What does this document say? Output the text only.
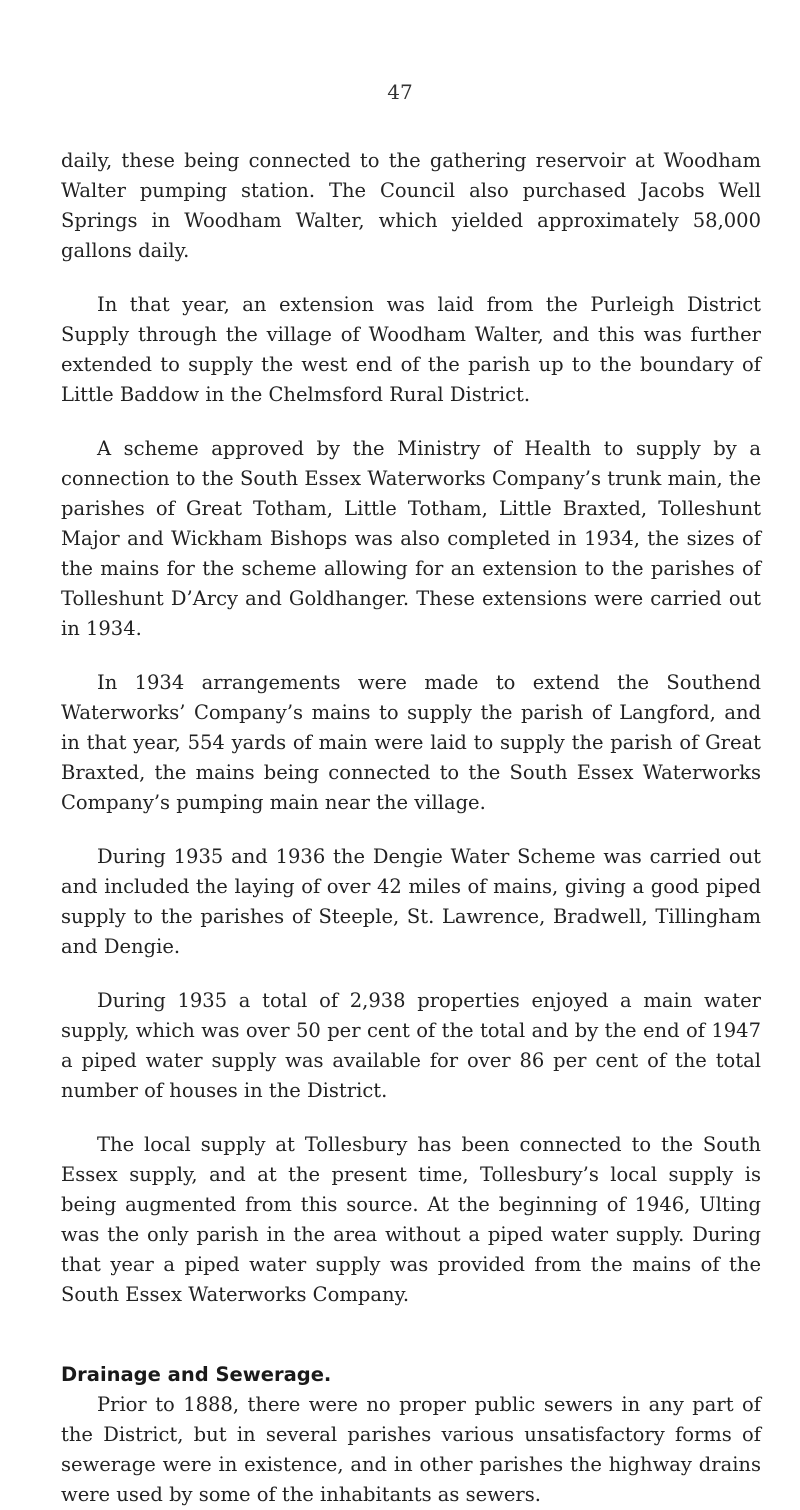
47

daily, these being connected to the gathering reservoir at Woodham Walter pumping station. The Council also purchased Jacobs Well Springs in Woodham Walter, which yielded approximately 58,000 gallons daily.

In that year, an extension was laid from the Purleigh District Supply through the village of Woodham Walter, and this was further extended to supply the west end of the parish up to the boundary of Little Baddow in the Chelmsford Rural District.

A scheme approved by the Ministry of Health to supply by a connection to the South Essex Waterworks Company’s trunk main, the parishes of Great Totham, Little Totham, Little Braxted, Tolleshunt Major and Wickham Bishops was also completed in 1934, the sizes of the mains for the scheme allowing for an extension to the parishes of Tolleshunt D’Arcy and Goldhanger. These extensions were carried out in 1934.

In 1934 arrangements were made to extend the Southend Waterworks’ Company’s mains to supply the parish of Langford, and in that year, 554 yards of main were laid to supply the parish of Great Braxted, the mains being connected to the South Essex Waterworks Company’s pumping main near the village.

During 1935 and 1936 the Dengie Water Scheme was carried out and included the laying of over 42 miles of mains, giving a good piped supply to the parishes of Steeple, St. Lawrence, Bradwell, Tillingham and Dengie.

During 1935 a total of 2,938 properties enjoyed a main water supply, which was over 50 per cent of the total and by the end of 1947 a piped water supply was available for over 86 per cent of the total number of houses in the District.

The local supply at Tollesbury has been connected to the South Essex supply, and at the present time, Tollesbury’s local supply is being augmented from this source. At the beginning of 1946, Ulting was the only parish in the area without a piped water supply. During that year a piped water supply was provided from the mains of the South Essex Waterworks Company.

Drainage and Sewerage.

Prior to 1888, there were no proper public sewers in any part of the District, but in several parishes various unsatisfactory forms of sewerage were in existence, and in other parishes the highway drains were used by some of the inhabitants as sewers.
